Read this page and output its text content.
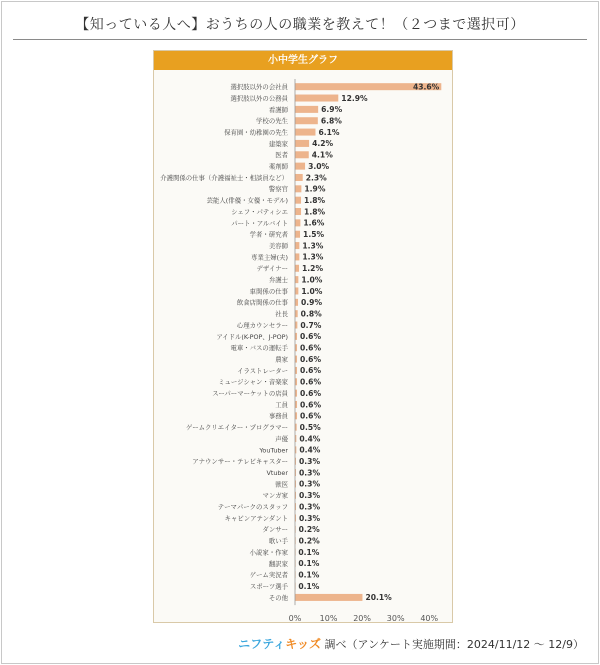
【知っている人へ】おうちの人の職業を教えて！（２つまで選択可）
小中学生グラフ
選択肢以外の会社員	43.6%
選択肢以外の公務員	12.9%
看護師	6.9%
学校の先生	6.8%
保育園・幼稚園の先生	6.1%
建築家	4.2%
医者	4.1%
薬剤師	3.0%
介護関係の仕事（介護福祉士・相談員など） 2.3%
警察官 1.9%
芸能人(俳優・女優・モデル) 1.8%
シェフ・パティシエ 1.8%
パート・アルバイト 1.6%
学者・研究者 1.5%
美容師 1.3%
専業主婦(夫) 1.3%
デザイナー 1.2%
弁護士 1.0%
車関係の仕事 1.0%
飲食店関係の仕事 0.9%
社長 0.8%
心理カウンセラー 0.7%
アイドル(K-POP、J-POP) 0.6%
電車・バスの運転手 0.6%
農家 0.6%
イラストレーター 0.6%
ミュージシャン・音楽家 0.6%
スーパーマーケットの店員 0.6%
工員 0.6%
事務員 0.6%
ゲームクリエイター・プログラマー 0.5%
声優 0.4%
YouTuber 0.4%
アナウンサー・テレビキャスター 0.3%
Vtuber 0.3%
獣医 0.3%
マンガ家 0.3%
テーマパークのスタッフ 0.3%
キャビンアテンダント 0.3%
ダンサー 0.2%
歌い手 0.2%
小説家・作家 0.1%
翻訳家 0.1%
ゲーム実況者 0.1%
スポーツ選手 0.1%
その他	20.1%
0% 10% 20% 30% 40%
ニフティキッズ 調べ（アンケート実施期間：2024/11/12 ～ 12/9）
